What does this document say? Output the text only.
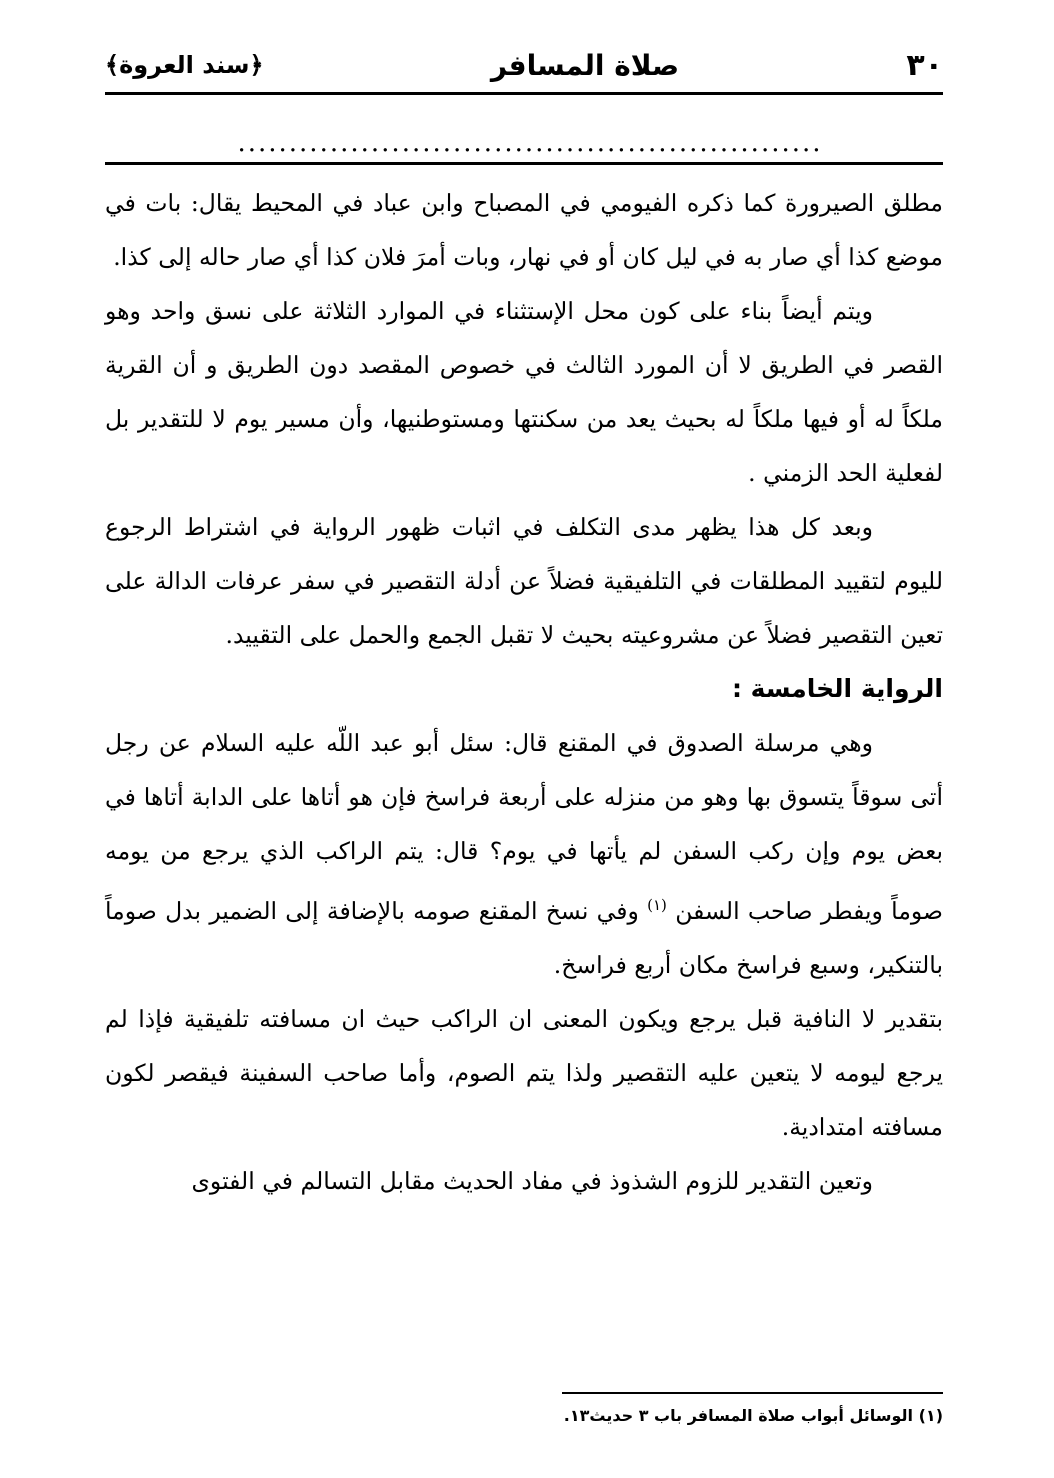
٣٠
صلاة المسافر
﴿سند العروة﴾
.........................................................

مطلق الصيرورة كما ذكره الفيومي في المصباح وابن عباد في المحيط يقال: بات في موضع كذا أي صار به في ليل كان أو في نهار، وبات أمرَ فلان كذا أي صار حاله إلى كذا.

ويتم أيضاً بناء على كون محل الإستثناء في الموارد الثلاثة على نسق واحد وهو القصر في الطريق لا أن المورد الثالث في خصوص المقصد دون الطريق و أن القرية ملكاً له أو فيها ملكاً له بحيث يعد من سكنتها ومستوطنيها، وأن مسير يوم لا للتقدير بل لفعلية الحد الزمني .

وبعد كل هذا يظهر مدى التكلف في اثبات ظهور الرواية في اشتراط الرجوع لليوم لتقييد المطلقات في التلفيقية فضلاً عن أدلة التقصير في سفر عرفات الدالة على تعين التقصير فضلاً عن مشروعيته بحيث لا تقبل الجمع والحمل على التقييد.

الرواية الخامسة :

وهي مرسلة الصدوق في المقنع قال: سئل أبو عبد اللّه عليه السلام عن رجل أتى سوقاً يتسوق بها وهو من منزله على أربعة فراسخ فإن هو أتاها على الدابة أتاها في بعض يوم وإن ركب السفن لم يأتها في يوم؟ قال: يتم الراكب الذي يرجع من يومه صوماً ويفطر صاحب السفن $^{(١)}$ وفي نسخ المقنع صومه بالإضافة إلى الضمير بدل صوماً بالتنكير، وسبع فراسخ مكان أربع فراسخ.

بتقدير لا النافية قبل يرجع ويكون المعنى ان الراكب حيث ان مسافته تلفيقية فإذا لم يرجع ليومه لا يتعين عليه التقصير ولذا يتم الصوم، وأما صاحب السفينة فيقصر لكون مسافته امتدادية.

وتعين التقدير للزوم الشذوذ في مفاد الحديث مقابل التسالم في الفتوى

(١) الوسائل أبواب صلاة المسافر باب ٣ حديث١٣.
